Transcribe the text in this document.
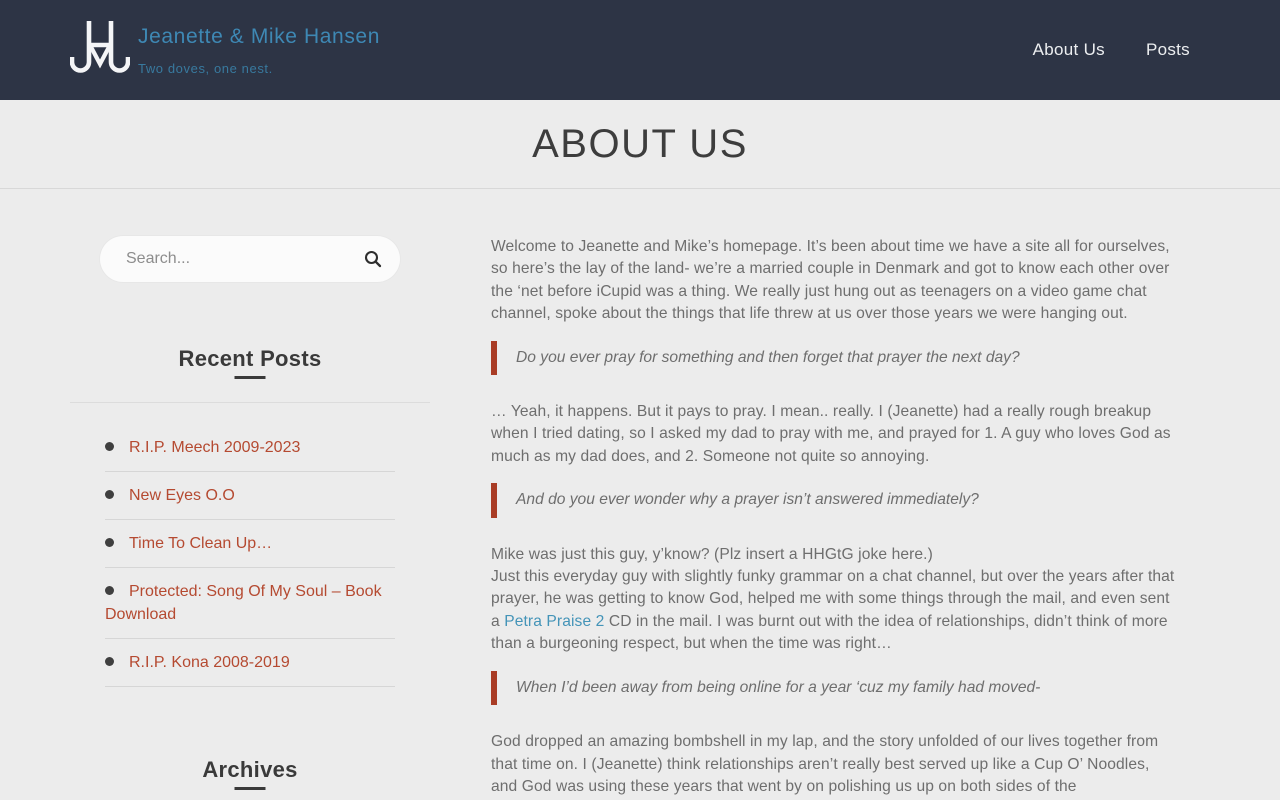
Jeanette & Mike Hansen
Two doves, one nest.
About Us Posts
ABOUT US
Search...
Recent Posts
R.I.P. Meech 2009-2023
New Eyes O.O
Time To Clean Up…
Protected: Song Of My Soul – Book Download
R.I.P. Kona 2008-2019
Archives

Welcome to Jeanette and Mike’s homepage. It’s been about time we have a site all for ourselves, so here’s the lay of the land- we’re a married couple in Denmark and got to know each other over the ‘net before iCupid was a thing. We really just hung out as teenagers on a video game chat channel, spoke about the things that life threw at us over those years we were hanging out.

Do you ever pray for something and then forget that prayer the next day?

… Yeah, it happens. But it pays to pray. I mean.. really. I (Jeanette) had a really rough breakup when I tried dating, so I asked my dad to pray with me, and prayed for 1. A guy who loves God as much as my dad does, and 2. Someone not quite so annoying.

And do you ever wonder why a prayer isn’t answered immediately?

Mike was just this guy, y’know? (Plz insert a HHGtG joke here.)
Just this everyday guy with slightly funky grammar on a chat channel, but over the years after that prayer, he was getting to know God, helped me with some things through the mail, and even sent a Petra Praise 2 CD in the mail. I was burnt out with the idea of relationships, didn’t think of more than a burgeoning respect, but when the time was right…

When I’d been away from being online for a year ‘cuz my family had moved-

God dropped an amazing bombshell in my lap, and the story unfolded of our lives together from that time on. I (Jeanette) think relationships aren’t really best served up like a Cup O’ Noodles, and God was using these years that went by on polishing us up on both sides of the
